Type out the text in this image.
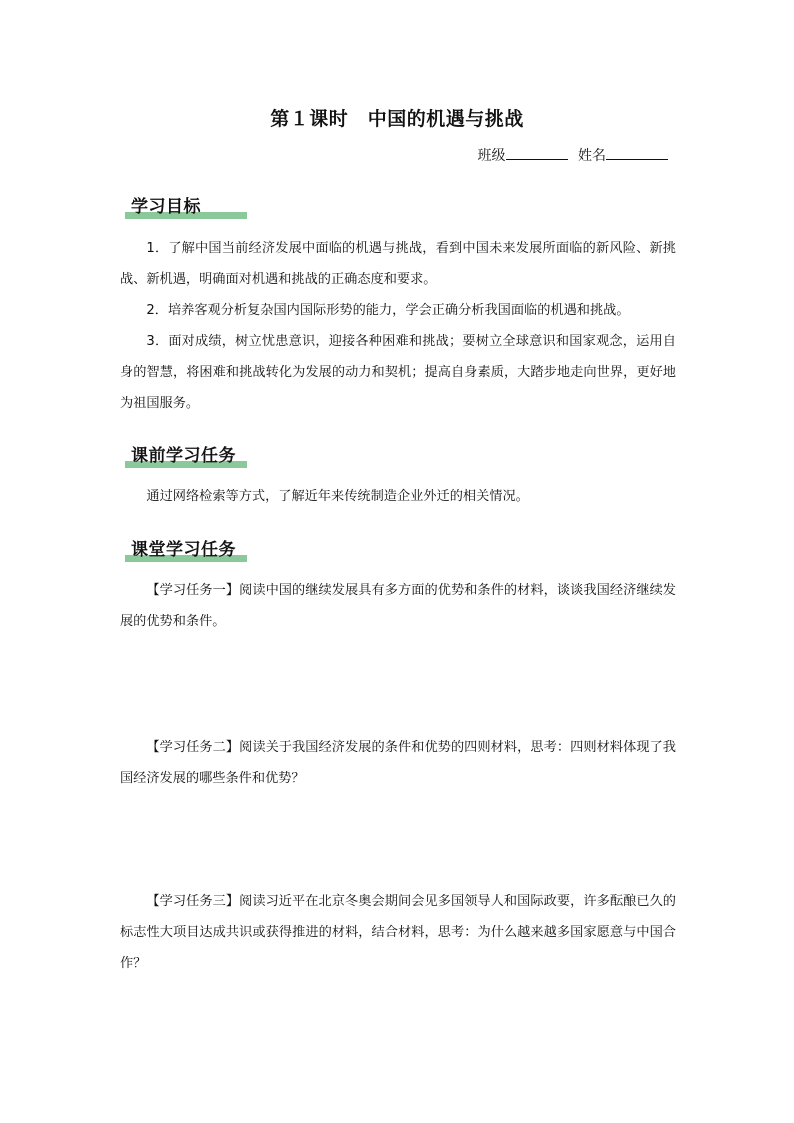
第１课时　中国的机遇与挑战
班级	姓名
学习目标
1．了解中国当前经济发展中面临的机遇与挑战，看到中国未来发展所面临的新风险、新挑战、新机遇，明确面对机遇和挑战的正确态度和要求。
2．培养客观分析复杂国内国际形势的能力，学会正确分析我国面临的机遇和挑战。
3．面对成绩，树立忧患意识，迎接各种困难和挑战；要树立全球意识和国家观念，运用自身的智慧，将困难和挑战转化为发展的动力和契机；提高自身素质，大踏步地走向世界，更好地为祖国服务。
课前学习任务
通过网络检索等方式，了解近年来传统制造企业外迁的相关情况。
课堂学习任务
【学习任务一】阅读中国的继续发展具有多方面的优势和条件的材料，谈谈我国经济继续发展的优势和条件。
【学习任务二】阅读关于我国经济发展的条件和优势的四则材料，思考：四则材料体现了我国经济发展的哪些条件和优势？
【学习任务三】阅读习近平在北京冬奥会期间会见多国领导人和国际政要，许多酝酿已久的标志性大项目达成共识或获得推进的材料，结合材料，思考：为什么越来越多国家愿意与中国合作？
